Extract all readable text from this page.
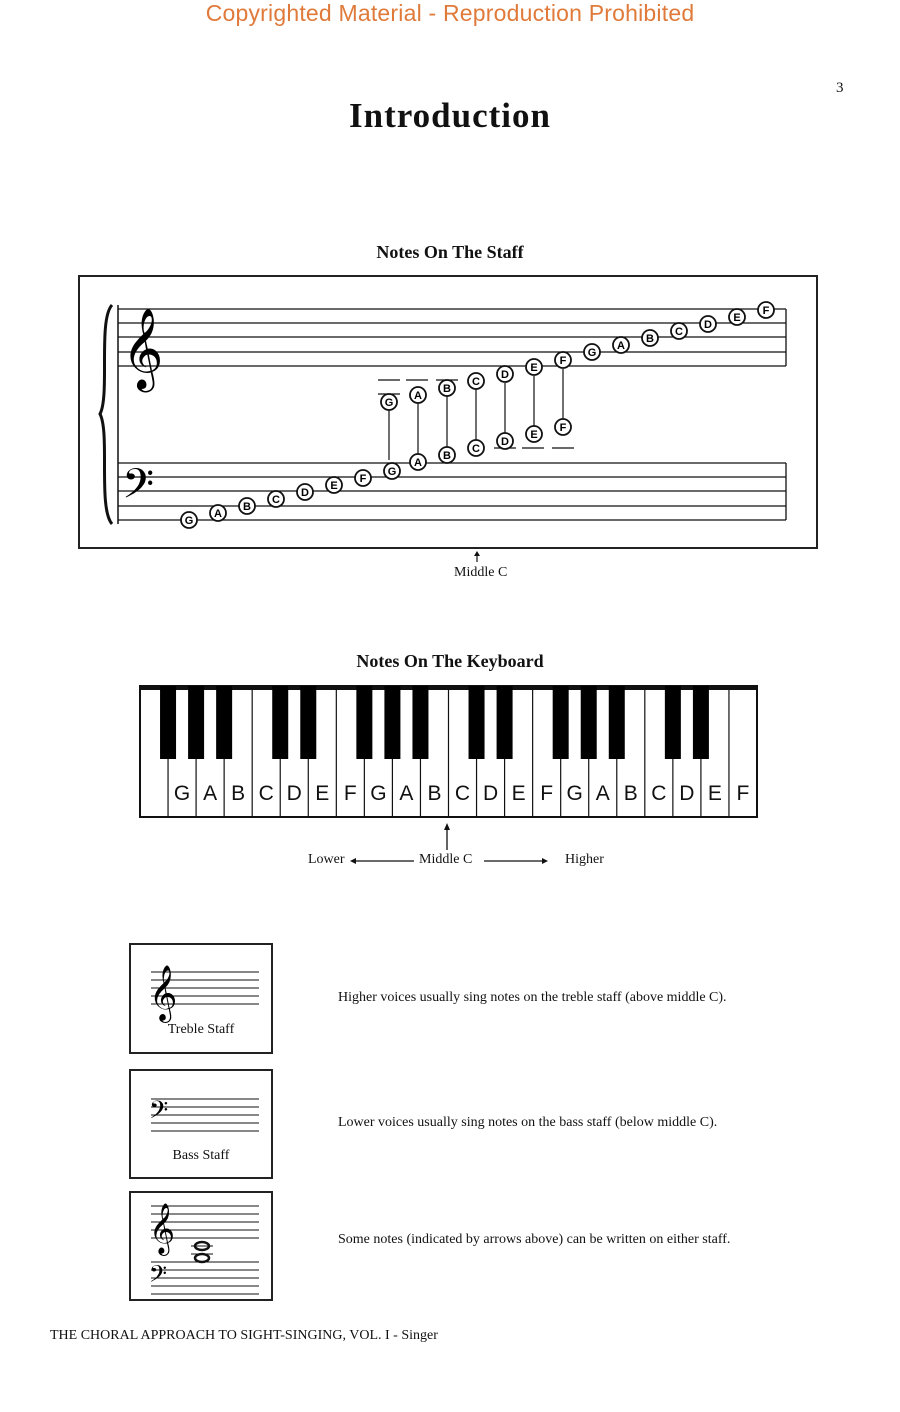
Copyrighted Material - Reproduction Prohibited
3
Introduction
Notes On The Staff
𝄞
𝄢
G
A
B
C
D
E
F
G
A
B
C
D
E
F
G
G
A
B
C
D
E
F
A
B
C
D
E
F
Middle C
Notes On The Keyboard
G A B C D E F G A B C D E F G A B C D E F
Lower	Middle C	Higher
𝄞
Treble Staff
Higher voices usually sing notes on the treble staff (above middle C).
𝄢
Bass Staff
Lower voices usually sing notes on the bass staff (below middle C).
𝄞
𝄢
Some notes (indicated by arrows above) can be written on either staff.
THE CHORAL APPROACH TO SIGHT-SINGING, VOL. I - Singer
